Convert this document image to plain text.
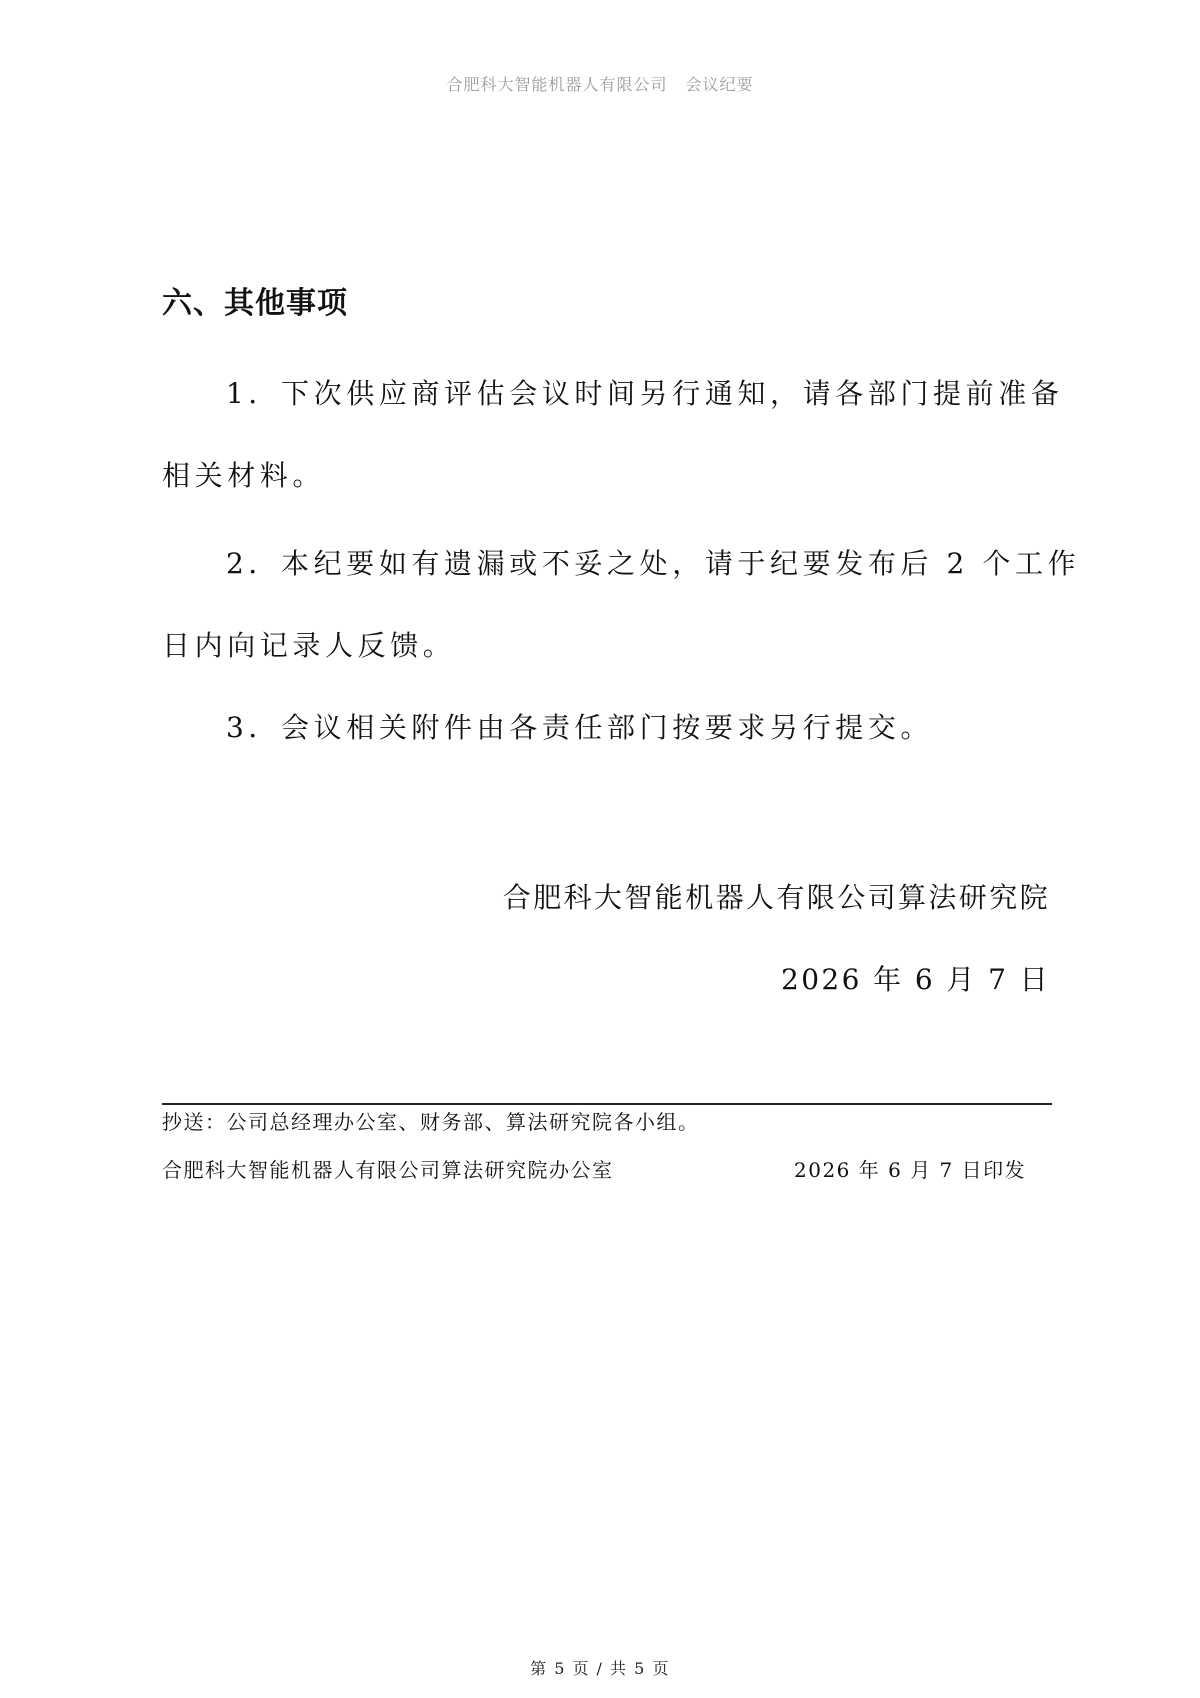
合肥科大智能机器人有限公司 会议纪要
六、其他事项
1．下次供应商评估会议时间另行通知，请各部门提前准备
相关材料。
2．本纪要如有遗漏或不妥之处，请于纪要发布后 2 个工作
日内向记录人反馈。
3．会议相关附件由各责任部门按要求另行提交。
合肥科大智能机器人有限公司算法研究院
2026 年 6 月 7 日
抄送：公司总经理办公室、财务部、算法研究院各小组。
合肥科大智能机器人有限公司算法研究院办公室	2026 年 6 月 7 日印发
第 5 页 / 共 5 页
